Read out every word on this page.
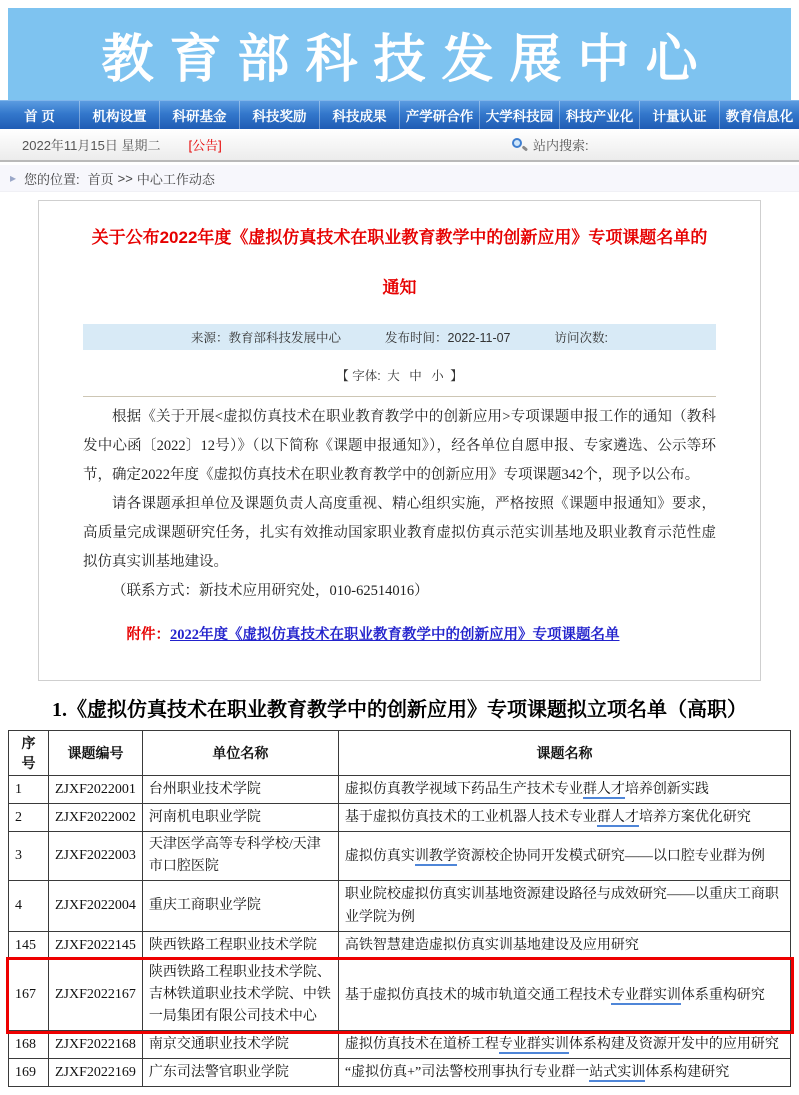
教育部科技发展中心
首 页	机构设置	科研基金	科技奖励	科技成果	产学研合作 大学科技园 科技产业化	计量认证	教育信息化
2022年11月15日 星期二 [公告]	站内搜索:
▸ 您的位置: 首页 >> 中心工作动态
关于公布2022年度《虚拟仿真技术在职业教育教学中的创新应用》专项课题名单的
通知
来源：教育部科技发展中心	发布时间：2022-11-07	访问次数:
【 字体: 大 中 小 】

根据《关于开展<虚拟仿真技术在职业教育教学中的创新应用>专项课题申报工作的通知（教科发中心函〔2022〕12号）》（以下简称《课题申报通知》），经各单位自愿申报、专家遴选、公示等环节，确定2022年度《虚拟仿真技术在职业教育教学中的创新应用》专项课题342个，现予以公布。

请各课题承担单位及课题负责人高度重视、精心组织实施，严格按照《课题申报通知》要求，高质量完成课题研究任务，扎实有效推动国家职业教育虚拟仿真示范实训基地及职业教育示范性虚拟仿真实训基地建设。

（联系方式：新技术应用研究处，010-62514016）

附件：2022年度《虚拟仿真技术在职业教育教学中的创新应用》专项课题名单
1.《虚拟仿真技术在职业教育教学中的创新应用》专项课题拟立项名单（高职）
序号	课题编号	单位名称	课题名称
1	ZJXF2022001	台州职业技术学院	虚拟仿真教学视域下药品生产技术专业群人才培养创新实践
2	ZJXF2022002	河南机电职业学院	基于虚拟仿真技术的工业机器人技术专业群人才培养方案优化研究
3	ZJXF2022003	天津医学高等专科学校/天津市口腔医院	虚拟仿真实训教学资源校企协同开发模式研究——以口腔专业群为例
4	ZJXF2022004	重庆工商职业学院	职业院校虚拟仿真实训基地资源建设路径与成效研究——以重庆工商职业学院为例
145	ZJXF2022145	陕西铁路工程职业技术学院	高铁智慧建造虚拟仿真实训基地建设及应用研究
167	ZJXF2022167	陕西铁路工程职业技术学院、吉林铁道职业技术学院、中铁一局集团有限公司技术中心	基于虚拟仿真技术的城市轨道交通工程技术专业群实训体系重构研究
168	ZJXF2022168	南京交通职业技术学院	虚拟仿真技术在道桥工程专业群实训体系构建及资源开发中的应用研究
169	ZJXF2022169	广东司法警官职业学院	“虚拟仿真+”司法警校刑事执行专业群一站式实训体系构建研究
